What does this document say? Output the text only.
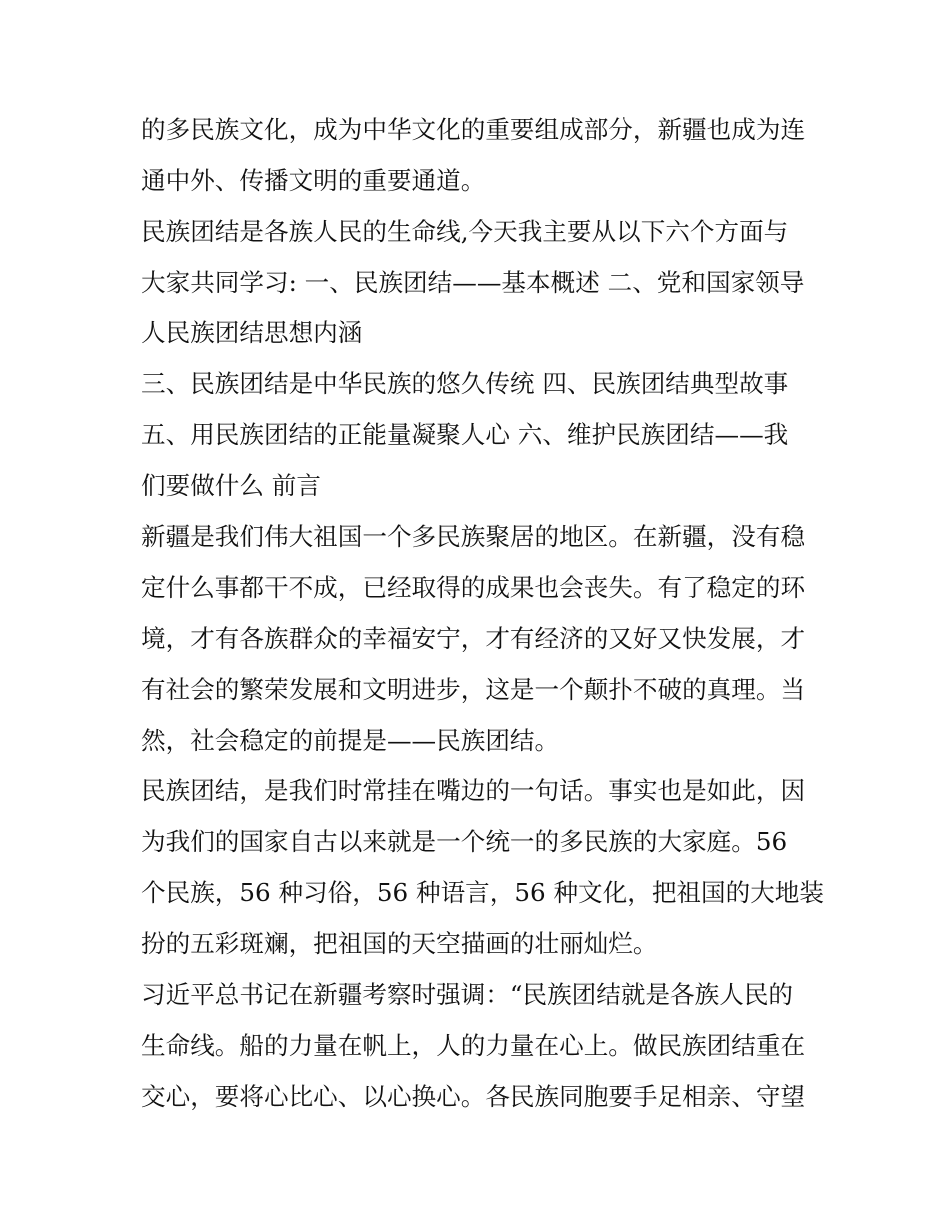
的多民族文化，成为中华文化的重要组成部分，新疆也成为连
通中外、传播文明的重要通道。
民族团结是各族人民的生命线,今天我主要从以下六个方面与
大家共同学习: 一、民族团结——基本概述 二、党和国家领导
人民族团结思想内涵
三、民族团结是中华民族的悠久传统 四、民族团结典型故事
五、用民族团结的正能量凝聚人心 六、维护民族团结——我
们要做什么 前言
新疆是我们伟大祖国一个多民族聚居的地区。在新疆，没有稳
定什么事都干不成，已经取得的成果也会丧失。有了稳定的环
境，才有各族群众的幸福安宁，才有经济的又好又快发展，才
有社会的繁荣发展和文明进步，这是一个颠扑不破的真理。当
然，社会稳定的前提是——民族团结。
民族团结，是我们时常挂在嘴边的一句话。事实也是如此，因
为我们的国家自古以来就是一个统一的多民族的大家庭。56
个民族，56 种习俗，56 种语言，56 种文化，把祖国的大地装
扮的五彩斑斓，把祖国的天空描画的壮丽灿烂。
习近平总书记在新疆考察时强调：“民族团结就是各族人民的
生命线。船的力量在帆上，人的力量在心上。做民族团结重在
交心，要将心比心、以心换心。各民族同胞要手足相亲、守望
